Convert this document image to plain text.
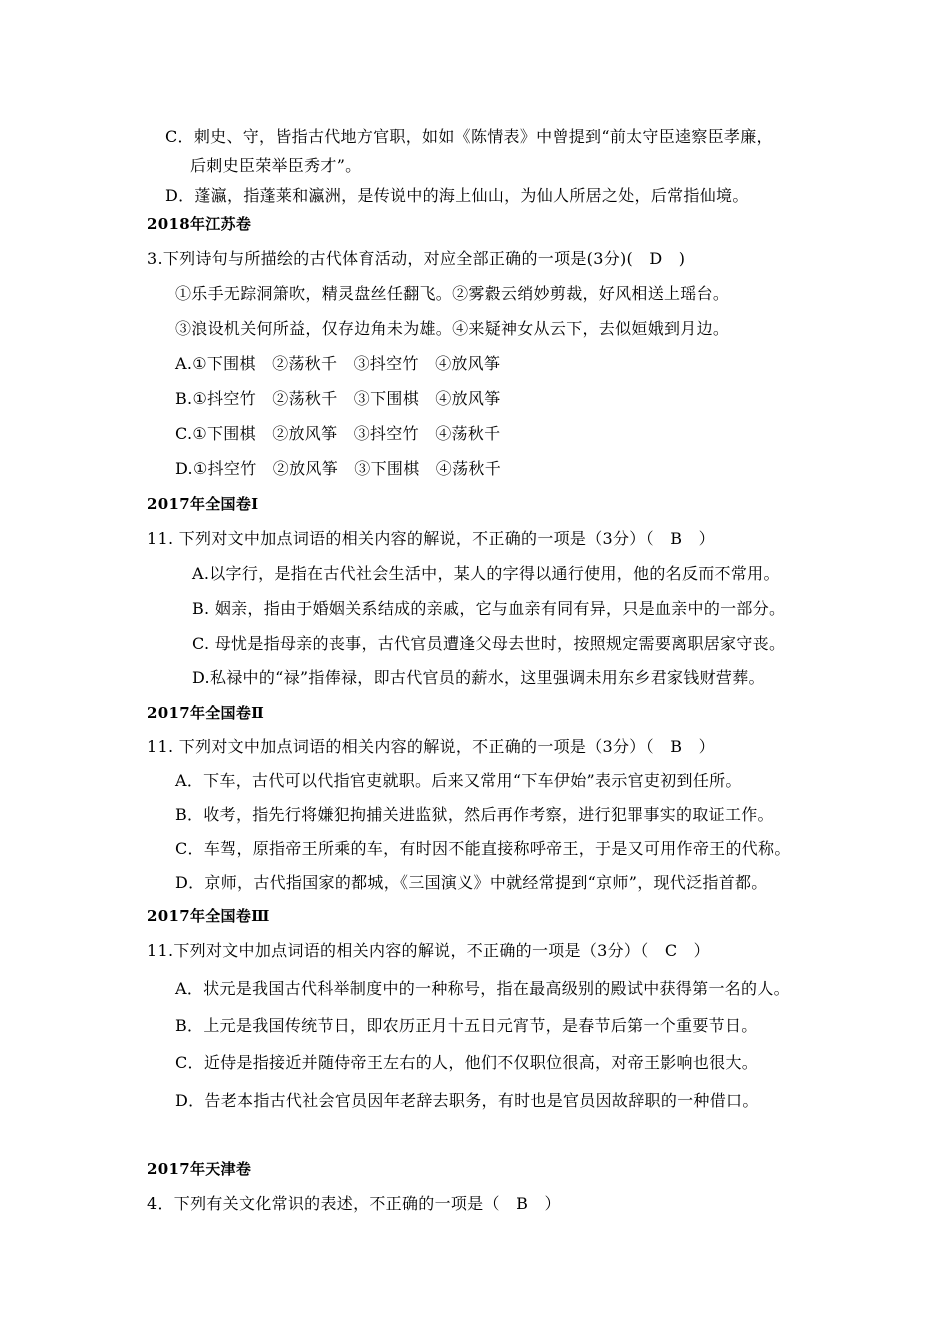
C．刺史、守，皆指古代地方官职，如如《陈情表》中曾提到“前太守臣逵察臣孝廉，
后刺史臣荣举臣秀才”。
D．蓬瀛，指蓬莱和瀛洲，是传说中的海上仙山，为仙人所居之处，后常指仙境。
2018年江苏卷
3.下列诗句与所描绘的古代体育活动，对应全部正确的一项是(3分)(　D　)
①乐手无踪洞箫吹，精灵盘丝任翻飞。②雾縠云绡妙剪裁，好风相送上瑶台。
③浪设机关何所益，仅存边角未为雄。④来疑神女从云下，去似姮娥到月边。
A.①下围棋　②荡秋千　③抖空竹　④放风筝
B.①抖空竹　②荡秋千　③下围棋　④放风筝
C.①下围棋　②放风筝　③抖空竹　④荡秋千
D.①抖空竹　②放风筝　③下围棋　④荡秋千
2017年全国卷Ⅰ
11. 下列对文中加点词语的相关内容的解说，不正确的一项是（3分）（　B　）
A.以字行，是指在古代社会生活中，某人的字得以通行使用，他的名反而不常用。
B. 姻亲，指由于婚姻关系结成的亲戚，它与血亲有同有异，只是血亲中的一部分。
C. 母忧是指母亲的丧事，古代官员遭逢父母去世时，按照规定需要离职居家守丧。
D.私禄中的“禄”指俸禄，即古代官员的薪水，这里强调未用东乡君家钱财营葬。
2017年全国卷Ⅱ
11. 下列对文中加点词语的相关内容的解说，不正确的一项是（3分）（　B　）
A．下车，古代可以代指官吏就职。后来又常用“下车伊始”表示官吏初到任所。
B．收考，指先行将嫌犯拘捕关进监狱，然后再作考察，进行犯罪事实的取证工作。
C．车驾，原指帝王所乘的车，有时因不能直接称呼帝王，于是又可用作帝王的代称。
D．京师，古代指国家的都城，《三国演义》中就经常提到“京师”，现代泛指首都。
2017年全国卷Ⅲ
11.下列对文中加点词语的相关内容的解说，不正确的一项是（3分）（　C　）
A．状元是我国古代科举制度中的一种称号，指在最高级别的殿试中获得第一名的人。
B．上元是我国传统节日，即农历正月十五日元宵节，是春节后第一个重要节日。
C．近侍是指接近并随侍帝王左右的人，他们不仅职位很高，对帝王影响也很大。
D．告老本指古代社会官员因年老辞去职务，有时也是官员因故辞职的一种借口。
2017年天津卷
4．下列有关文化常识的表述，不正确的一项是（　B　）
